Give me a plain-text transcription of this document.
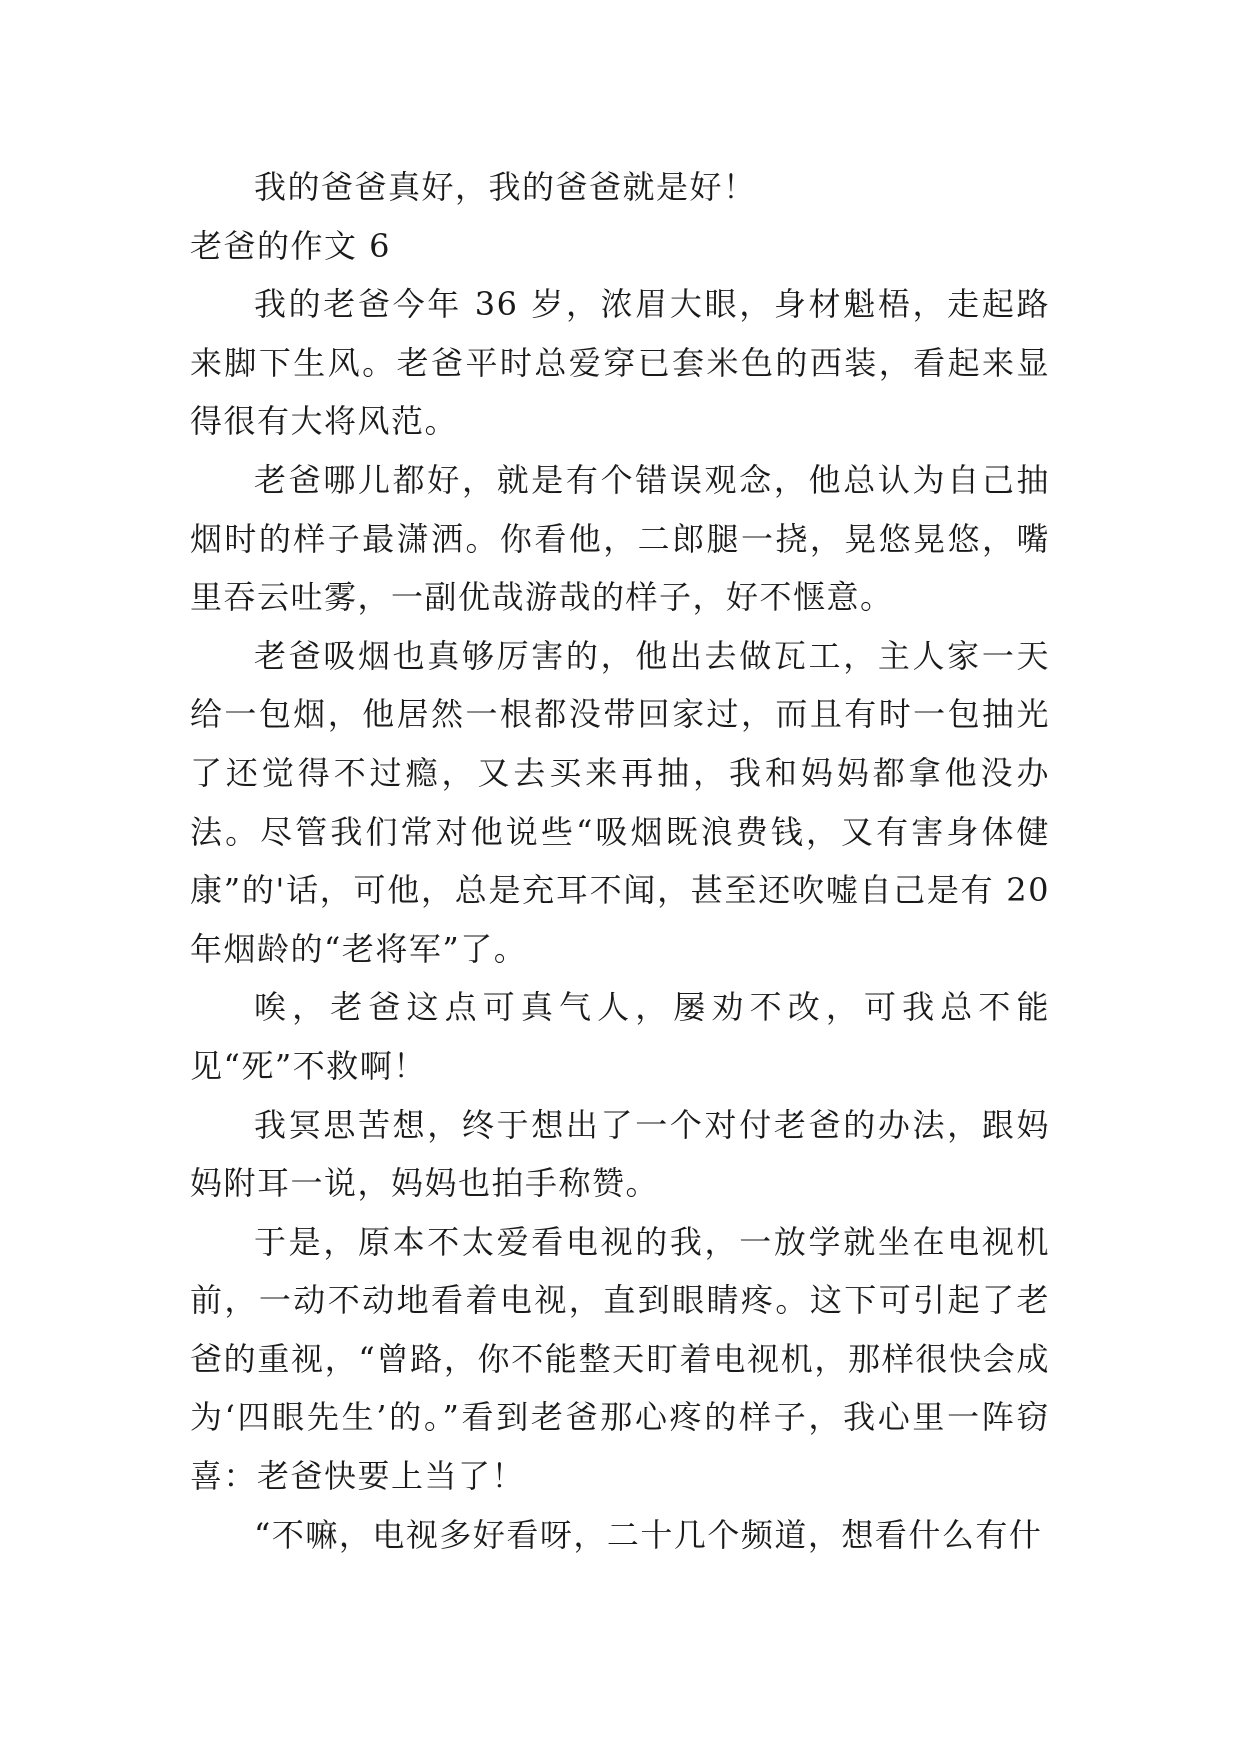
我的爸爸真好，我的爸爸就是好！

老爸的作文 6

我的老爸今年 36 岁，浓眉大眼，身材魁梧，走起路来脚下生风。老爸平时总爱穿已套米色的西装，看起来显得很有大将风范。

老爸哪儿都好，就是有个错误观念，他总认为自己抽烟时的样子最潇洒。你看他，二郎腿一挠，晃悠晃悠，嘴里吞云吐雾，一副优哉游哉的样子，好不惬意。

老爸吸烟也真够厉害的，他出去做瓦工，主人家一天给一包烟，他居然一根都没带回家过，而且有时一包抽光了还觉得不过瘾，又去买来再抽，我和妈妈都拿他没办法。尽管我们常对他说些“吸烟既浪费钱，又有害身体健康”的'话，可他，总是充耳不闻，甚至还吹嘘自己是有 20 年烟龄的“老将军”了。

唉，老爸这点可真气人，屡劝不改，可我总不能见“死”不救啊！

我冥思苦想，终于想出了一个对付老爸的办法，跟妈妈附耳一说，妈妈也拍手称赞。

于是，原本不太爱看电视的我，一放学就坐在电视机前，一动不动地看着电视，直到眼睛疼。这下可引起了老爸的重视，“曾路，你不能整天盯着电视机，那样很快会成为‘四眼先生’的。”看到老爸那心疼的样子，我心里一阵窃喜：老爸快要上当了！

“不嘛，电视多好看呀，二十几个频道，想看什么有什
